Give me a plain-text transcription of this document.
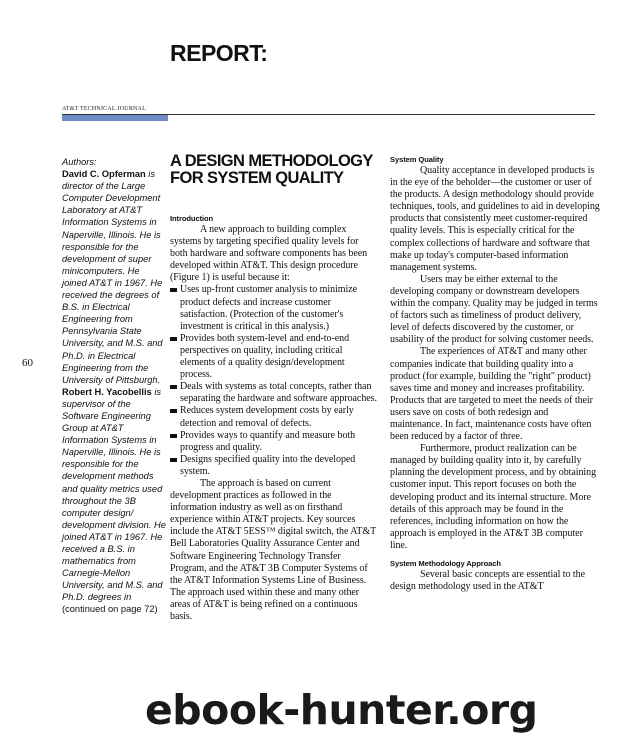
REPORT:
AT&T TECHNICAL JOURNAL
60
Authors:
David C. Opferman is director of the Large Computer Development Laboratory at AT&T Information Systems in Naperville, Illinois. He is responsible for the development of super minicomputers. He joined AT&T in 1967. He received the degrees of B.S. in Electrical Engineering from Pennsylvania State University, and M.S. and Ph.D. in Electrical Engineering from the University of Pittsburgh. Robert H. Yacobellis is supervisor of the Software Engineering Group at AT&T Information Systems in Naperville, Illinois. He is responsible for the development methods and quality metrics used throughout the 3B computer design/ development division. He joined AT&T in 1967. He received a B.S. in mathematics from Carnegie-Mellon University, and M.S. and Ph.D. degrees in (continued on page 72)
A DESIGN METHODOLOGY FOR SYSTEM QUALITY
Introduction

A new approach to building complex systems by targeting specified quality levels for both hardware and software components has been developed within AT&T. This design procedure (Figure 1) is useful because it:

Uses up-front customer analysis to minimize product defects and increase customer satisfaction. (Protection of the customer's investment is critical in this analysis.)
Provides both system-level and end-to-end perspectives on quality, including critical elements of a quality design/development process.
Deals with systems as total concepts, rather than separating the hardware and software approaches.
Reduces system development costs by early detection and removal of defects.
Provides ways to quantify and measure both progress and quality.
Designs specified quality into the developed system.

The approach is based on current development practices as followed in the information industry as well as on firsthand experience within AT&T projects. Key sources include the AT&T 5ESS™ digital switch, the AT&T Bell Laboratories Quality Assurance Center and Software Engineering Technology Transfer Program, and the AT&T 3B Computer Systems of the AT&T Information Systems Line of Business. The approach used within these and many other areas of AT&T is being refined on a continuous basis.

System Quality

Quality acceptance in developed products is in the eye of the beholder—the customer or user of the products. A design methodology should provide techniques, tools, and guidelines to aid in developing products that consistently meet customer-required quality levels. This is especially critical for the complex collections of hardware and software that make up today's computer-based information management systems.

Users may be either external to the developing company or downstream developers within the company. Quality may be judged in terms of factors such as timeliness of product delivery, level of defects discovered by the customer, or usability of the product for solving customer needs.

The experiences of AT&T and many other companies indicate that building quality into a product (for example, building the "right" product) saves time and money and increases profitability. Products that are targeted to meet the needs of their users save on costs of both redesign and maintenance. In fact, maintenance costs have often been reduced by a factor of three.

Furthermore, product realization can be managed by building quality into it, by carefully planning the development process, and by obtaining customer input. This report focuses on both the developing product and its internal structure. More details of this approach may be found in the references, including information on how the approach is employed in the AT&T 3B computer line.

System Methodology Approach

Several basic concepts are essential to the design methodology used in the AT&T

ebook-hunter.org
